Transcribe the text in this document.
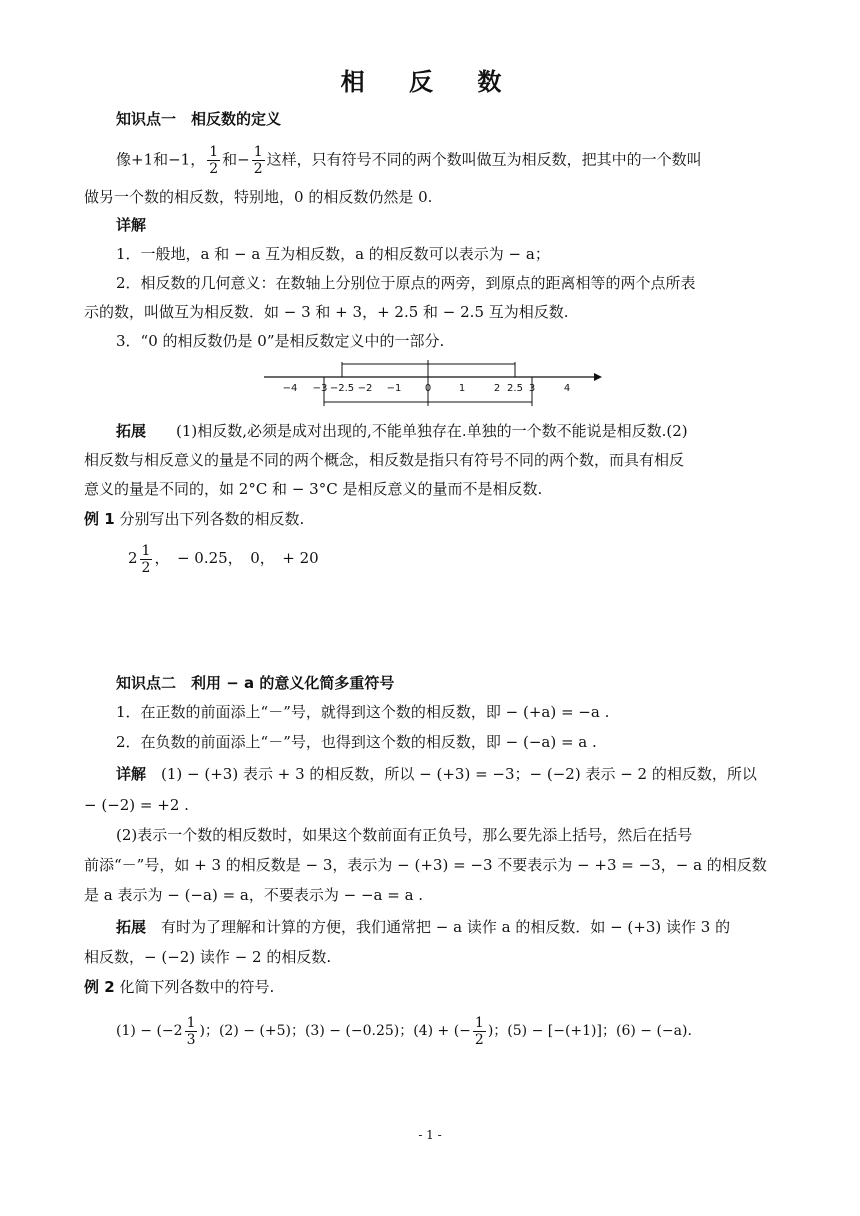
相 反 数
知识点一　相反数的定义
像+1和−1， $\frac{1}{2}$ 和− $\frac{1}{2}$ 这样，只有符号不同的两个数叫做互为相反数，把其中的一个数叫
做另一个数的相反数，特别地，0 的相反数仍然是 0.
详解
1．一般地，a 和 − a 互为相反数，a 的相反数可以表示为 − a；
2．相反数的几何意义：在数轴上分别位于原点的两旁，到原点的距离相等的两个点所表
示的数，叫做互为相反数．如 − 3 和 + 3，+ 2.5 和 − 2.5 互为相反数.
3．“0 的相反数仍是 0”是相反数定义中的一部分.
−4 −3 −2.5 −2 −1 0	1	2 2.5 3	4
拓展　　 (1)相反数,必须是成对出现的,不能单独存在.单独的一个数不能说是相反数.(2)
相反数与相反意义的量是不同的两个概念，相反数是指只有符号不同的两个数，而具有相反
意义的量是不同的，如 2°C 和 − 3°C 是相反意义的量而不是相反数.
例 1 分别写出下列各数的相反数.
$2 \frac{1}{2}$ ，　− 0.25，　0，　+ 20
知识点二　利用 − a 的意义化简多重符号
1．在正数的前面添上“－”号，就得到这个数的相反数，即 − (+a) = −a .
2．在负数的前面添上“－”号，也得到这个数的相反数，即 − (−a) = a .
详解　 (1) − (+3) 表示 + 3 的相反数，所以 − (+3) = −3；− (−2) 表示 − 2 的相反数，所以
− (−2) = +2 .
(2)表示一个数的相反数时，如果这个数前面有正负号，那么要先添上括号，然后在括号
前添“－”号，如 + 3 的相反数是 − 3，表示为 − (+3) = −3 不要表示为 − +3 = −3，− a 的相反数
是 a 表示为 − (−a) = a，不要表示为 − −a = a .
拓展　 有时为了理解和计算的方便，我们通常把 − a 读作 a 的相反数．如 − (+3) 读作 3 的
相反数，− (−2) 读作 − 2 的相反数.
例 2 化简下列各数中的符号.
$(1) - (-2 \frac{1}{3}$ )；(2) − (+5)；(3) − (−0.25)；(4) + (− $\frac{1}{2}$ )；(5) − [−(+1)]；(6) − (−a).
- 1 -
